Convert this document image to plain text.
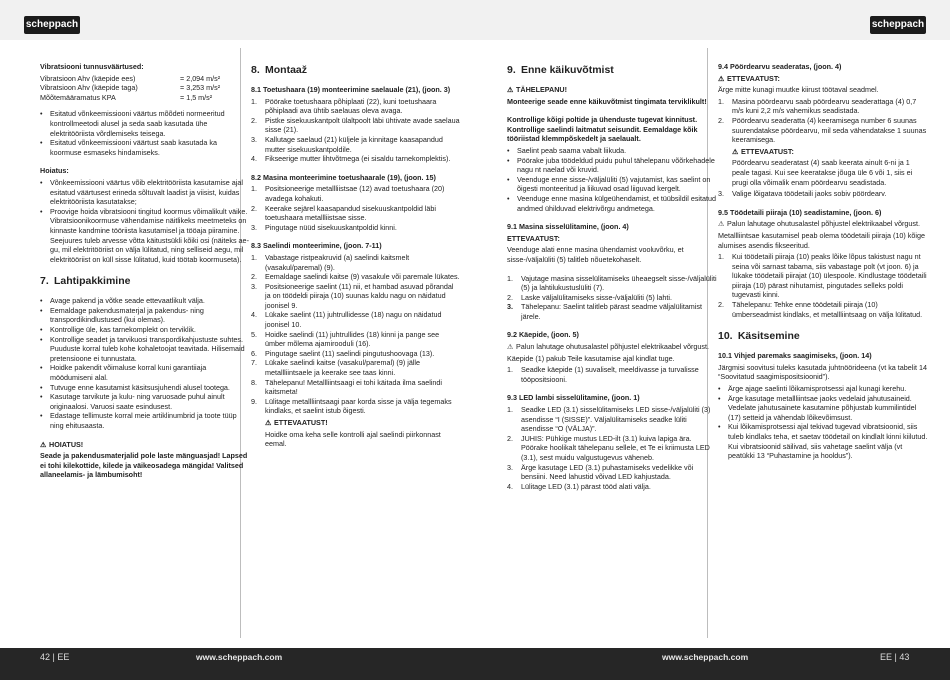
scheppach	scheppach

Vibratsiooni tunnusväärtused:

Vibratsioon Ahv (käepide ees)	= 2,094 m/s²
Vibratsioon Ahv (käepide taga)	= 3,253 m/s²
Mõõtemääramatus KPA	= 1,5 m/s²
• Esitatud võnkeemissiooni väärtus mõõdeti normeeritud kontrollmeetodi alusel ja seda saab kasutada ühe elektritööriista võrdlemiseks teisega.
• Esitatud võnkeemissiooni väärtust saab kasutada ka koormuse esmaseks hindamiseks.

Hoiatus:

• Võnkeemissiooni väärtus võib elektritööriista kasutamise ajal esitatud väärtusest erineda sõltuvalt laadist ja viisist, kuidas elektritööriista kasutatakse;
• Proovige hoida vibratsiooni tingitud koormus võimalikult väike. Vibratsioonikoormuse vähendamise näitlikeks meetmeteks on kinnaste kandmine tööriista kasutamisel ja tööaja piiramine. Seejuures tuleb arvesse võtta käitustsükli kõiki osi (näiteks aegu, mil elektritööriist on välja lülitatud, ning selliseid aegu, mil elektritööriist on küll sisse lülitatud, kuid töötab koormuseta).

7. Lahtipakkimine

• Avage pakend ja võtke seade ettevaatlikult välja.
• Eemaldage pakendusmaterjal ja pakendus- ning transpordikindlustused (kui olemas).
• Kontrollige üle, kas tarnekomplekt on terviklik.
• Kontrollige seadet ja tarvikuosi transpordikahjustuste suhtes. Puuduste korral tuleb kohe kohaletoojat teavitada. Hilisemaid pretensioone ei tunnustata.
• Hoidke pakendit võimaluse korral kuni garantiiaja möödumiseni alal.
• Tutvuge enne kasutamist käsitsusjuhendi alusel tootega.
• Kasutage tarvikute ja kulu- ning varuosade puhul ainult originaalosi. Varuosi saate esindusest.
• Edastage tellimuste korral meie artiklinumbrid ja toote tüüp ning ehitusaasta.

⚠ HOIATUS!

Seade ja pakendusmaterjalid pole laste mänguasjad! Lapsed ei tohi kilekottide, kilede ja väikeosadega mängida! Valitsed allaneelamis- ja lämbumisoht!

8. Montaaž

8.1 Toetushaara (19) monteerimine saelauale (21), (joon. 3)

1. Pöörake toetushaara põhiplaati (22), kuni toetushaara põhiplaadi ava ühtib saelauas oleva avaga.
2. Pistke sisekuuskantpolt ülaltpoolt läbi ühtivate avade saelaua sisse (21).
3. Kallutage saelaud (21) küljele ja kinnitage kaasapandud mutter sisekuuskantpoldile.
4. Fikseerige mutter lihtvõtmega (ei sisaldu tarnekomplektis).

8.2 Masina monteerimine toetushaarale (19), (joon. 15)

1. Positsioneerige metallliistsae (12) avad toetushaara (20) avadega kohakuti.
2. Keerake sejärel kaasapandud sisekuuskantpoldid läbi toetushaara metallliistsae sisse.
3. Pingutage nüüd sisekuuskantpoldid kinni.

8.3 Saelindi monteerimine, (joon. 7-11)

1. Vabastage ristpeakruvid (a) saelindi kaitsmelt (vasakul/paremal) (9).
2. Eemaldage saelindi kaitse (9) vasakule või paremale lükates.
3. Positsioneerige saelint (11) nii, et hambad asuvad põrandal ja on töödeldi piiraja (10) suunas kaldu nagu on näidatud joonisel 9.
4. Lükake saelint (11) juhtrullidesse (18) nagu on näidatud joonisel 10.
5. Hoidke saelindi (11) juhtrullides (18) kinni ja pange see ümber mõlema ajamirooduli (16).
6. Pingutage saelint (11) saelindi pingutushoovaga (13).
7. Lükake saelindi kaitse (vasakul/paremal) (9) jälle metallliintsaele ja keerake see taas kinni.
8. Tähelepanu! Metallliintsaagi ei tohi käitada ilma saelindi kaitsmeta!
9. Lülitage metallliintsaagi paar korda sisse ja välja tegemaks kindlaks, et saelint istub õigesti.

⚠ ETTEVAATUST!

Hoidke oma keha selle kontrolli ajal saelindi piirkonnast eemal.

9. Enne käikuvõtmist

⚠ TÄHELEPANU!

Monteerige seade enne käikuvõtmist tingimata terviklikult!

Kontrollige kõigi poltide ja ühenduste tugevat kinnitust. Kontrollige saelindi laitmatut seisundit. Eemaldage kõik tööriistad klemmpõskedelt ja saelaualt.

• Saelint peab saama vabalt liikuda.
• Pöörake juba töödeldud puidu puhul tähelepanu võõrkehadele nagu nt naelad või kruvid.
• Veenduge enne sisse-/väljalüliti (5) vajutamist, kas saelint on õigesti monteeritud ja liikuvad osad liiguvad kergelt.
• Veenduge enne masina külgeühendamist, et tüübsildil esitatud andmed ühilduvad elektrivõrgu andmetega.

9.1 Masina sisselülitamine, (joon. 4)

ETTEVAATUST:

Veenduge alati enne masina ühendamist vooluvõrku, et sisse-/väljalüliti (5) talitleb nõuetekohaselt.

1. Vajutage masina sisselülitamiseks üheaegselt sisse-/väljalüliti (5) ja lahtilukustuslüliti (7).
2. Laske väljalülitamiseks sisse-/väljalüliti (5) lahti.
3. Tähelepanu: Saelint talitleb pärast seadme väljalülitamist järele.

9.2 Käepide, (joon. 5)

⚠ Palun lahutage ohutusalastel põhjustel elektrikaabel võrgust.

Käepide (1) pakub Teile kasutamise ajal kindlat tuge.

1. Seadke käepide (1) suvaliselt, meeldivasse ja turvalisse tööpositsiooni.

9.3 LED lambi sisselülitamine, (joon. 1)

1. Seadke LED (3.1) sisselülitamiseks LED sisse-/väljalüliti (3) asendisse “I (SISSE)”. Väljalülitamiseks seadke lüliti asendisse “O (VÄLJA)”.
2. JUHIS: Pühkige mustus LED-ilt (3.1) kuiva lapiga ära. Pöörake hoolikalt tähelepanu sellele, et Te ei kriimusta LED (3.1), sest muidu valgustugevus väheneb.
3. Ärge kasutage LED (3.1) puhastamiseks vedelikke või bensiini. Need lahustid võivad LED kahjustada.
4. Lülitage LED (3.1) pärast tööd alati välja.

9.4 Pöördearvu seaderatas, (joon. 4)

⚠ ETTEVAATUST:

Ärge mitte kunagi muutke kiirust töötaval seadmel.

1. Masina pöördearvu saab pöördearvu seaderattaga (4) 0,7 m/s kuni 2,2 m/s vahemikus seadistada.
2. Pöördearvu seaderatta (4) keeramisega number 6 suunas suurendatakse pöördearvu, mil seda vähendatakse 1 suunas keeramisega.

⚠ ETTEVAATUST:

Pöördearvu seaderatast (4) saab keerata ainult 6-ni ja 1 peale tagasi. Kui see keeratakse jõuga üle 6 või 1, siis ei prugi olla võimalik enam pöördearvu seadistada.

3. Valige lõigatava töödetaili jaoks sobiv pöördearv.

9.5 Töödetaili piiraja (10) seadistamine, (joon. 6)

⚠ Palun lahutage ohutusalastel põhjustel elektrikaabel võrgust.

Metallliintsae kasutamisel peab olema töödetaili piiraja (10) kõige alumises asendis fikseeritud.

1. Kui töödetaili piiraja (10) peaks lõike lõpus takistust nagu nt seina või sarnast tabama, siis vabastage polt (vt joon. 6) ja lükake töödetaili piirajat (10) ülespoole. Kindlustage töödetaili piiraja (10) pärast nihutamist, pingutades selleks poldi tugevasti kinni.
2. Tähelepanu: Tehke enne töödetaili piiraja (10) ümberseadmist kindlaks, et metallliintsaag on välja lülitatud.

10. Käsitsemine

10.1 Vihjed paremaks saagimiseks, (joon. 14)

Järgmisi soovitusi tuleks kasutada juhtnöörideena (vt ka tabelit 14 “Soovitatud saagimispositsioonid”).

• Ärge ajage saelinti lõikamisprotsessi ajal kunagi kerehu.
• Ärge kasutage metallliintsae jaoks vedelaid jahutusaineid. Vedelate jahutusainete kasutamine põhjustab kummilintidel (17) setteid ja vähendab lõikevõimsust.
• Kui lõikamisprotsessi ajal tekivad tugevad vibratsioonid, siis tuleb kindlaks teha, et saetav töödetail on kindlalt kinni kiilutud. Kui vibratsioonid säilivad, siis vahetage saelint välja (vt peatükki 13 “Puhastamine ja hooldus”).
42 | EE	www.scheppach.com	www.scheppach.com	EE | 43
